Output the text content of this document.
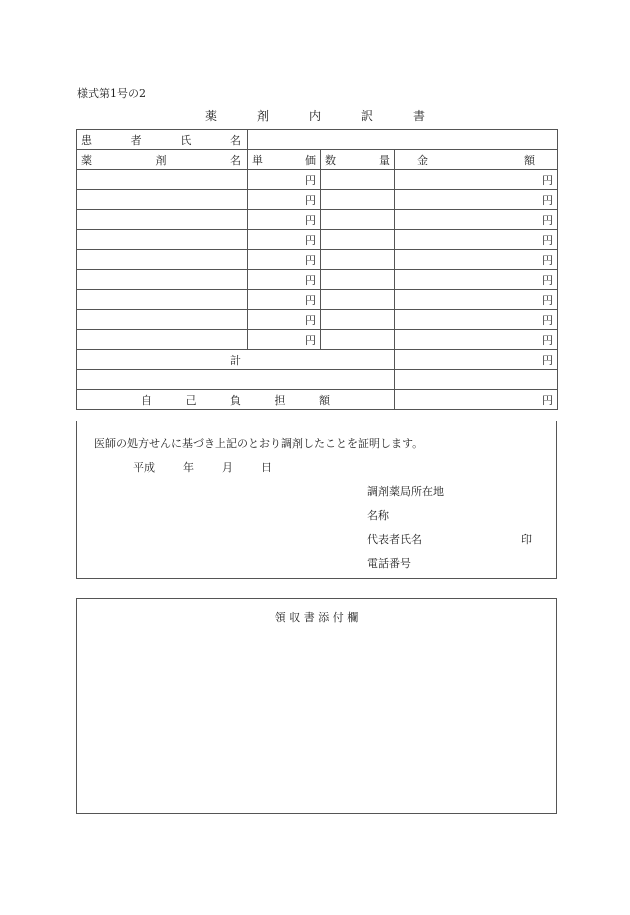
様式第1号の2
薬	剤	内	訳	書
患 者 氏 名			

薬 剤 名	単 価	数 量	金 額

	円		円
	円		円
	円		円
	円		円
	円		円
	円		円
	円		円
	円		円
	円		円
計			円

自 己 負 担 額			円
医師の処方せんに基づき上記のとおり調剤したことを証明します。
平成	年	月	日
調剤薬局所在地
名称
代表者氏名	印
電話番号
領 収 書 添 付 欄
